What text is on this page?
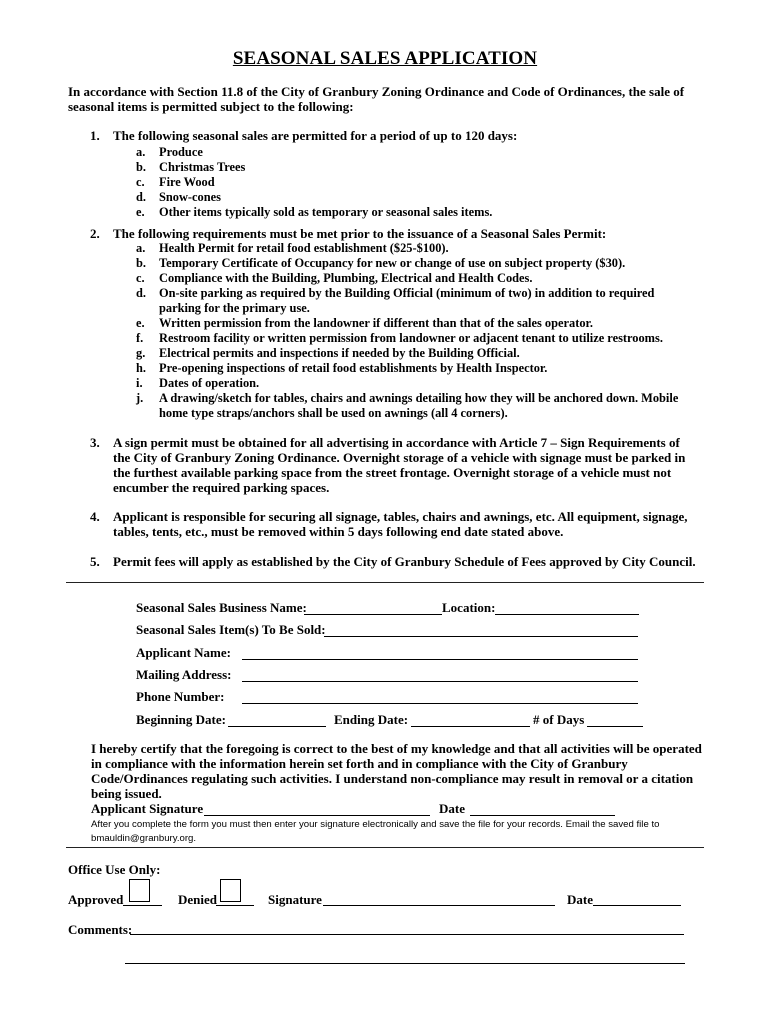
SEASONAL SALES APPLICATION
In accordance with Section 11.8 of the City of Granbury Zoning Ordinance and Code of Ordinances, the sale of seasonal items is permitted subject to the following:
1. The following seasonal sales are permitted for a period of up to 120 days:
a. Produce
b. Christmas Trees
c. Fire Wood
d. Snow-cones
e. Other items typically sold as temporary or seasonal sales items.
2. The following requirements must be met prior to the issuance of a Seasonal Sales Permit:
a. Health Permit for retail food establishment ($25-$100).
b. Temporary Certificate of Occupancy for new or change of use on subject property ($30).
c. Compliance with the Building, Plumbing, Electrical and Health Codes.
d. On-site parking as required by the Building Official (minimum of two) in addition to required
parking for the primary use.
e. Written permission from the landowner if different than that of the sales operator.
f. Restroom facility or written permission from landowner or adjacent tenant to utilize restrooms.
g. Electrical permits and inspections if needed by the Building Official.
h. Pre-opening inspections of retail food establishments by Health Inspector.
i. Dates of operation.
j. A drawing/sketch for tables, chairs and awnings detailing how they will be anchored down. Mobile
home type straps/anchors shall be used on awnings (all 4 corners).
3. A sign permit must be obtained for all advertising in accordance with Article 7 – Sign Requirements of the City of Granbury Zoning Ordinance. Overnight storage of a vehicle with signage must be parked in the furthest available parking space from the street frontage. Overnight storage of a vehicle must not encumber the required parking spaces.
4. Applicant is responsible for securing all signage, tables, chairs and awnings, etc. All equipment, signage, tables, tents, etc., must be removed within 5 days following end date stated above.
5. Permit fees will apply as established by the City of Granbury Schedule of Fees approved by City Council.
Seasonal Sales Business Name:	Location:
Seasonal Sales Item(s) To Be Sold:
Applicant Name:
Mailing Address:
Phone Number:
Beginning Date:	Ending Date:	# of Days
I hereby certify that the foregoing is correct to the best of my knowledge and that all activities will be operated in compliance with the information herein set forth and in compliance with the City of Granbury Code/Ordinances regulating such activities. I understand non-compliance may result in removal or a citation being issued.
Applicant Signature	Date
After you complete the form you must then enter your signature electronically and save the file for your records. Email the saved file to
bmauldin@granbury.org.
Office Use Only:
Approved	Denied	Signature	Date
Comments:
